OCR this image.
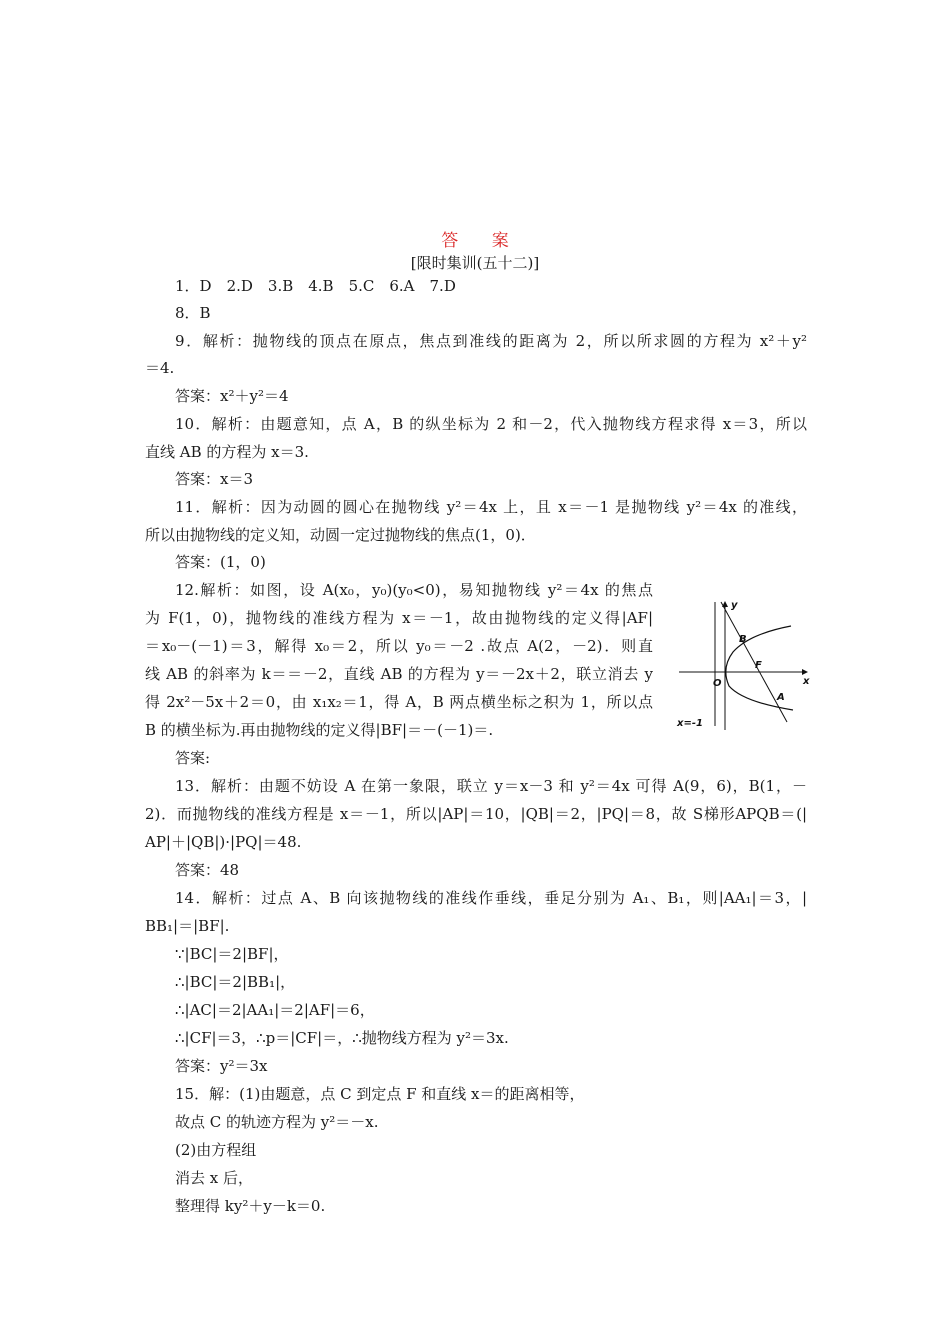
答 案
[限时集训(五十二)]
1．D　2.D　3.B　4.B　5.C　6.A　7.D
8．B
9．解析：抛物线的顶点在原点，焦点到准线的距离为 2，所以所求圆的方程为 x²＋y²
＝4.
答案：x²＋y²＝4
10．解析：由题意知，点 A，B 的纵坐标为 2 和－2，代入抛物线方程求得 x＝3，所以
直线 AB 的方程为 x＝3.
答案：x＝3
11．解析：因为动圆的圆心在抛物线 y²＝4x 上，且 x＝－1 是抛物线 y²＝4x 的准线，
所以由抛物线的定义知，动圆一定过抛物线的焦点(1，0)．
答案：(1，0)
12.解析：如图，设 A(x₀，y₀)(y₀<0)，易知抛物线 y²＝4x 的焦点
为 F(1，0)，抛物线的准线方程为 x＝－1，故由抛物线的定义得|AF|
＝x₀－(－1)＝3，解得 x₀＝2，所以 y₀＝－2 .故点 A(2，－2)．则直
线 AB 的斜率为 k＝＝－2，直线 AB 的方程为 y＝－2x＋2，联立消去 y
得 2x²－5x＋2＝0，由 x₁x₂＝1，得 A，B 两点横坐标之积为 1，所以点
B 的横坐标为.再由抛物线的定义得|BF|＝－(－1)＝.
答案:
13．解析：由题不妨设 A 在第一象限，联立 y＝x－3 和 y²＝4x 可得 A(9，6)，B(1，－
2)．而抛物线的准线方程是 x＝－1，所以|AP|＝10，|QB|＝2，|PQ|＝8，故 S梯形APQB＝(|
AP|＋|QB|)·|PQ|＝48.
答案：48
14．解析：过点 A、B 向该抛物线的准线作垂线，垂足分别为 A₁、B₁，则|AA₁|＝3，|
BB₁|＝|BF|.
∵|BC|＝2|BF|，
∴|BC|＝2|BB₁|，
∴|AC|＝2|AA₁|＝2|AF|＝6，
∴|CF|＝3，∴p＝|CF|＝，∴抛物线方程为 y²＝3x.
答案：y²＝3x
15．解：(1)由题意，点 C 到定点 F 和直线 x＝的距离相等，
故点 C 的轨迹方程为 y²＝－x.
(2)由方程组
消去 x 后，
整理得 ky²＋y－k＝0.
y
x
O
B
F
A
x=-1
